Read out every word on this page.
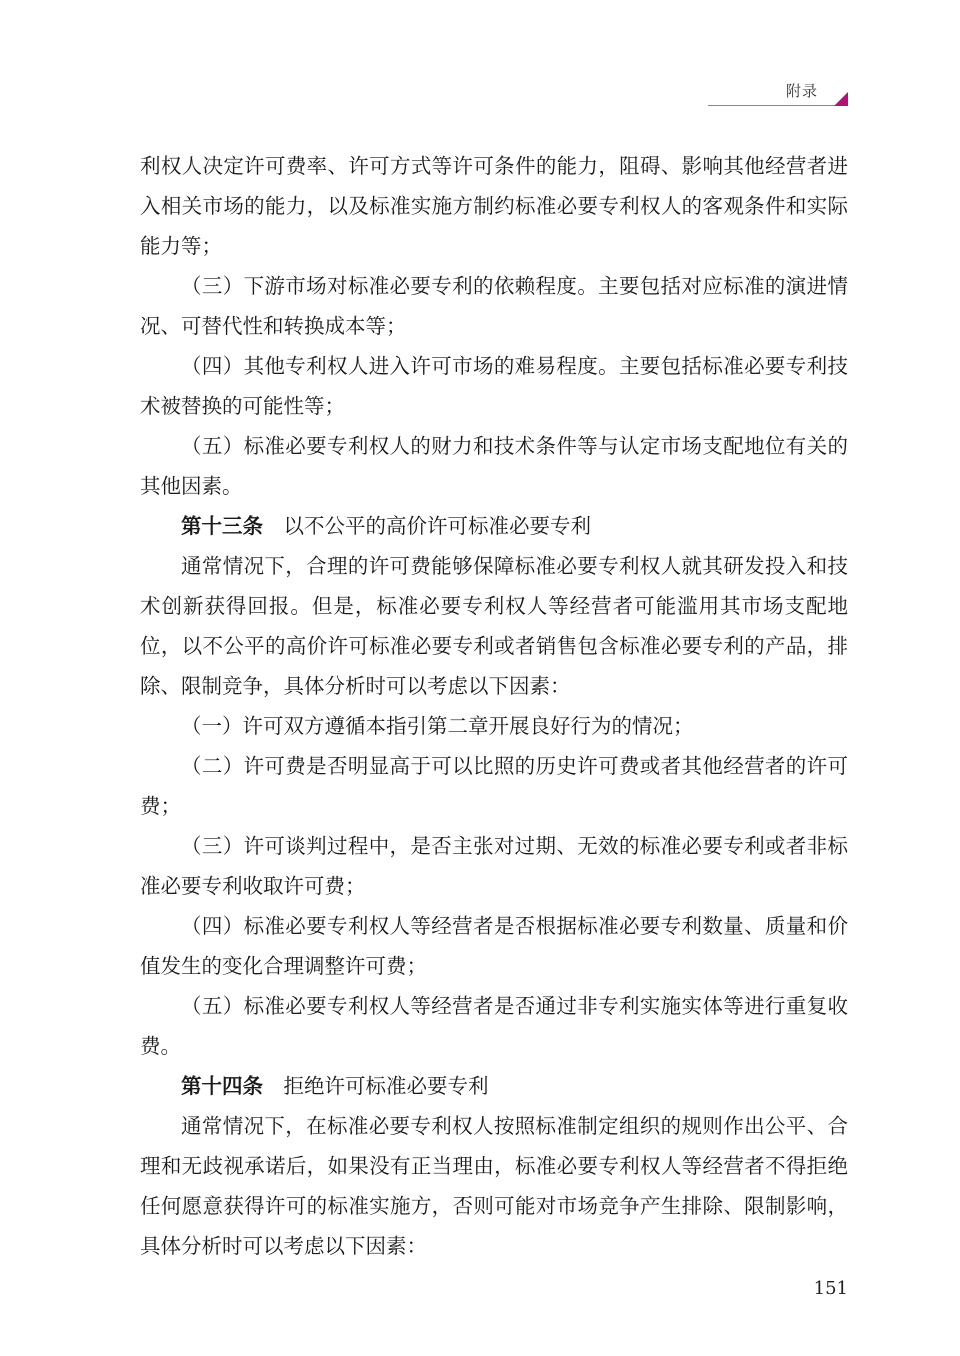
附录

利权人决定许可费率、许可方式等许可条件的能力，阻碍、影响其他经营者进入相关市场的能力，以及标准实施方制约标准必要专利权人的客观条件和实际能力等；

（三）下游市场对标准必要专利的依赖程度。主要包括对应标准的演进情况、可替代性和转换成本等；

（四）其他专利权人进入许可市场的难易程度。主要包括标准必要专利技术被替换的可能性等；

（五）标准必要专利权人的财力和技术条件等与认定市场支配地位有关的其他因素。

第十三条 以不公平的高价许可标准必要专利

通常情况下，合理的许可费能够保障标准必要专利权人就其研发投入和技术创新获得回报。但是，标准必要专利权人等经营者可能滥用其市场支配地位，以不公平的高价许可标准必要专利或者销售包含标准必要专利的产品，排除、限制竞争，具体分析时可以考虑以下因素：

（一）许可双方遵循本指引第二章开展良好行为的情况；

（二）许可费是否明显高于可以比照的历史许可费或者其他经营者的许可费；

（三）许可谈判过程中，是否主张对过期、无效的标准必要专利或者非标准必要专利收取许可费；

（四）标准必要专利权人等经营者是否根据标准必要专利数量、质量和价值发生的变化合理调整许可费；

（五）标准必要专利权人等经营者是否通过非专利实施实体等进行重复收费。

第十四条 拒绝许可标准必要专利

通常情况下，在标准必要专利权人按照标准制定组织的规则作出公平、合理和无歧视承诺后，如果没有正当理由，标准必要专利权人等经营者不得拒绝任何愿意获得许可的标准实施方，否则可能对市场竞争产生排除、限制影响，具体分析时可以考虑以下因素：

151
